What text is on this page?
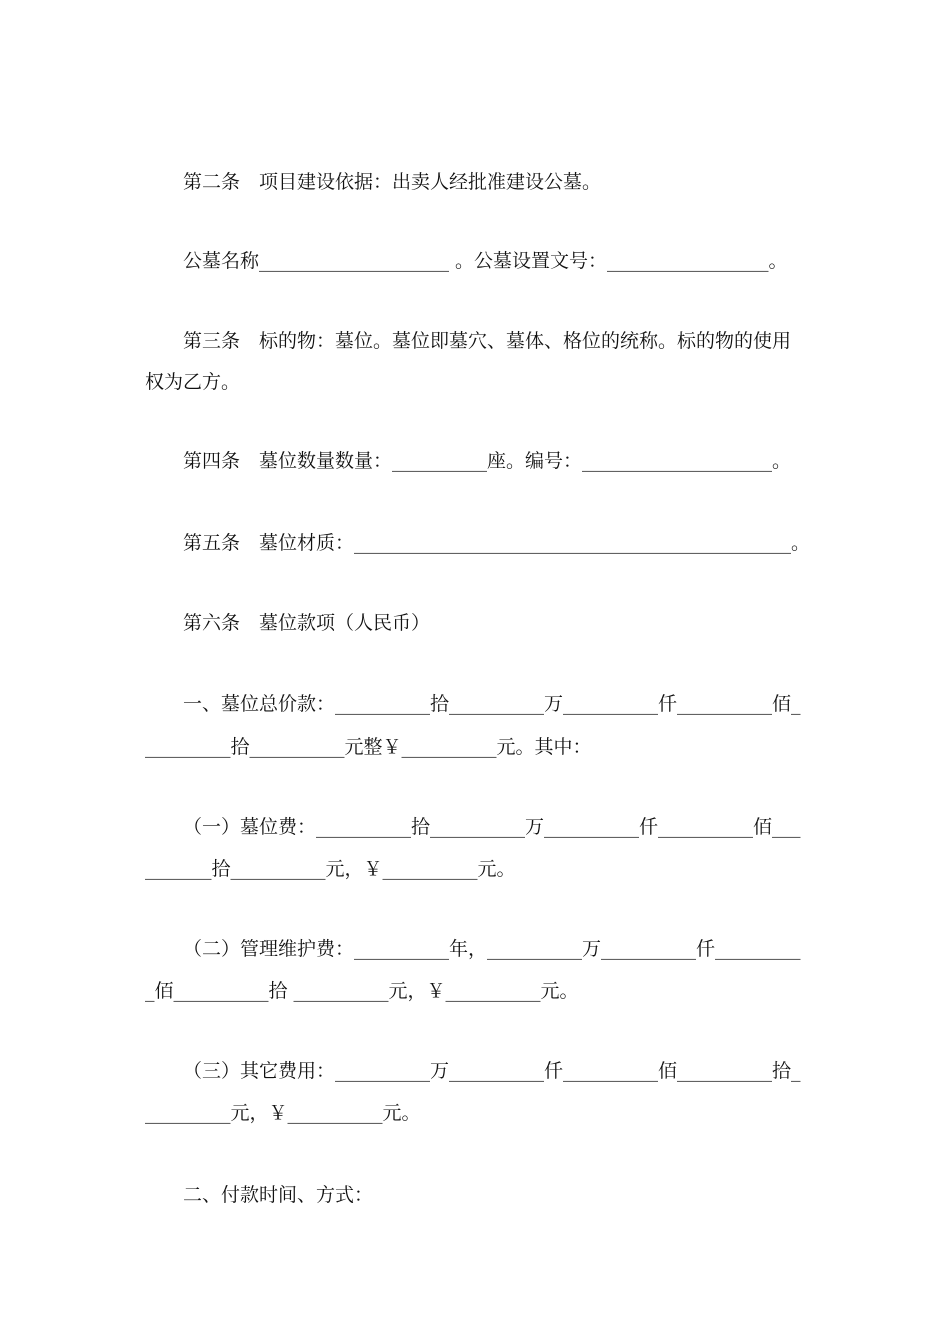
第二条　项目建设依据：出卖人经批准建设公墓。
公墓名称____________________ 。公墓设置文号：_________________。
第三条　标的物：墓位。墓位即墓穴、墓体、格位的统称。标的物的使用
权为乙方。
第四条　墓位数量数量：__________座。编号：____________________。
第五条　墓位材质：______________________________________________。
第六条　墓位款项（人民币）
一、墓位总价款：__________拾__________万__________仟__________佰_
_________拾__________元整￥__________元。其中：
（一）墓位费：__________拾__________万__________仟__________佰___
_______拾__________元，￥__________元。
（二）管理维护费：__________年，__________万__________仟_________
_佰__________拾 __________元，￥__________元。
（三）其它费用：__________万__________仟__________佰__________拾_
_________元，￥__________元。
二、付款时间、方式：
